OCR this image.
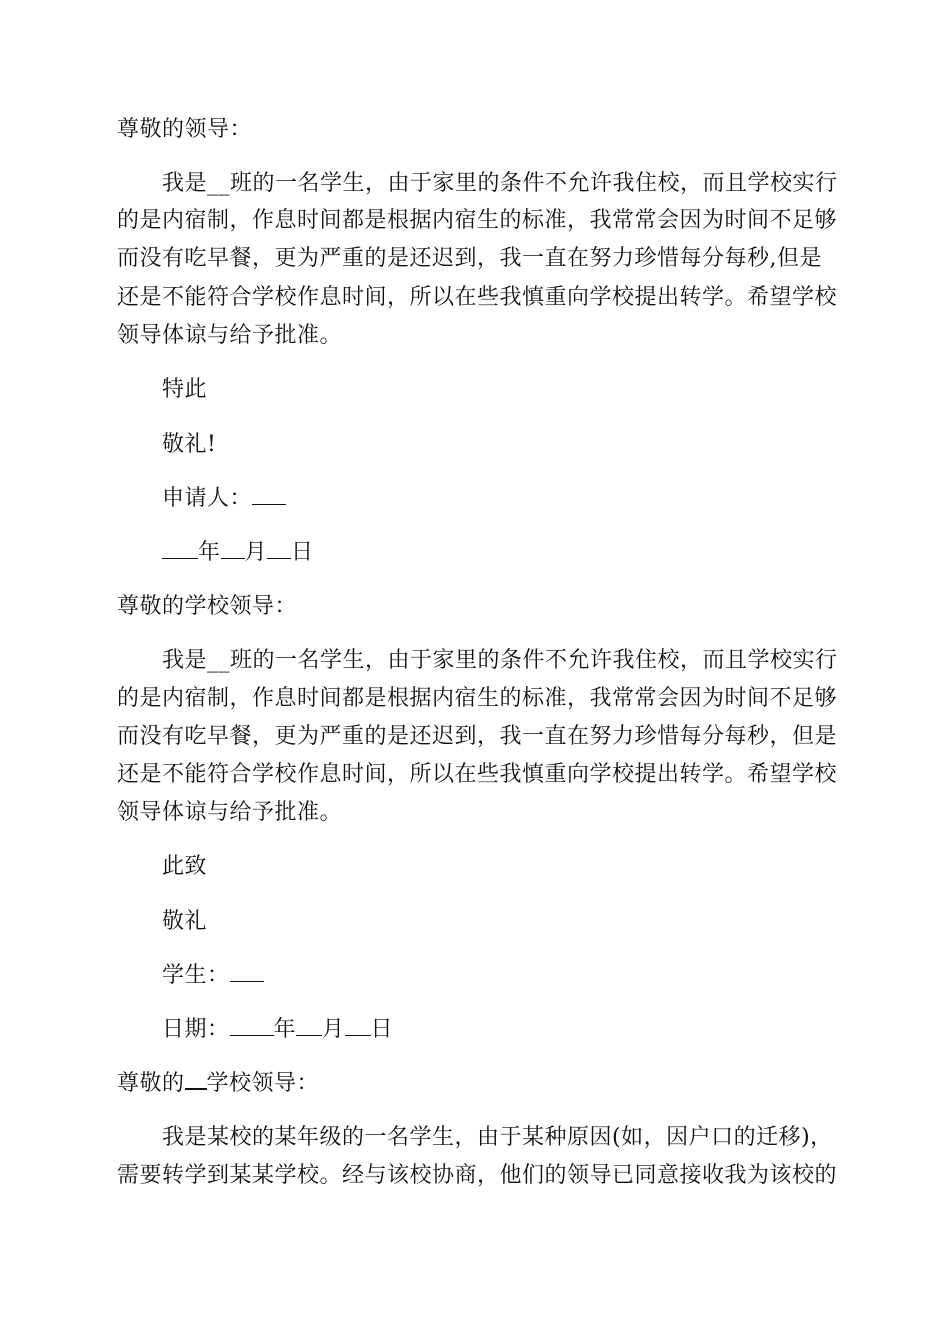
尊敬的领导：
我是__班的一名学生，由于家里的条件不允许我住校，而且学校实行
的是内宿制，作息时间都是根据内宿生的标准，我常常会因为时间不足够
而没有吃早餐，更为严重的是还迟到，我一直在努力珍惜每分每秒,但是
还是不能符合学校作息时间，所以在些我慎重向学校提出转学。希望学校
领导体谅与给予批准。
特此
敬礼!
申请人：
年 月 日
尊敬的学校领导：
我是__班的一名学生，由于家里的条件不允许我住校，而且学校实行
的是内宿制，作息时间都是根据内宿生的标准，我常常会因为时间不足够
而没有吃早餐，更为严重的是还迟到，我一直在努力珍惜每分每秒，但是
还是不能符合学校作息时间，所以在些我慎重向学校提出转学。希望学校
领导体谅与给予批准。
此致
敬礼
学生：
日期： 年 月 日
尊敬的 学校领导：
我是某校的某年级的一名学生，由于某种原因(如，因户口的迁移)，
需要转学到某某学校。经与该校协商，他们的领导已同意接收我为该校的
